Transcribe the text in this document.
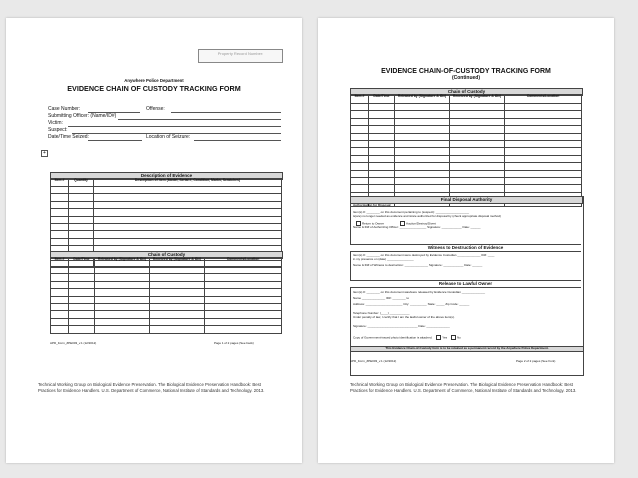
Property Record Number:
Anywhere Police Department
EVIDENCE CHAIN OF CUSTODY TRACKING FORM
Case Number:	Offense:
Submitting Officer: (Name/ID#)
Victim:
Suspect:
Date/Time Seized:	Location of Seizure:
+
Description of Evidence
Item #	Quantity	Description of Item (Model, Serial #, Condition, Marks, Scratches)

Chain of Custody
Item #	Date/Time	Released by (Signature & ID#)	Received by (Signature & ID#)	Comments/Location

APD_Form_#PE003_v.1 (12/2012)	Page 1 of 2 pages (See back)
Technical Working Group on Biological Evidence Preservation. The Biological Evidence Preservation Handbook: Best Practices for Evidence Handlers. U.S. Department of Commerce, National Institute of Standards and Technology. 2013.
EVIDENCE CHAIN-OF-CUSTODY TRACKING FORM
(Continued)
Chain of Custody
Item #	Date/Time	Released by (Signature & ID#)	Received by (Signature & ID#)	Comments/Location

Final Disposal Authority
Authorization for Disposal
Item(s) #: ________ on this document pertaining to (suspect): ____________________
is(are) no longer needed as evidence and is/are authorized for disposal by (check appropriate disposal method)
Return to Owner	Auction/Destroy/Divert
Name & ID# of Authorizing Officer: ________________ Signature: ____________ Date: ______
Witness to Destruction of Evidence
Item(s) #: ________ on this document were destroyed by Evidence Custodian ______________ ID#: ____
in my presence on (date) ________________
Name & ID# of Witness to destruction: ______________ Signature: ____________ Date: ______
Release to Lawful Owner
Item(s) #: ________ on this document was/were released by Evidence Custodian ______________
Name ______________ ID#: ________ to
Address: ______________________ City: __________ State: _____ Zip Code: ______
Telephone Number: (____) ____________
Under penalty of law, I certify that I am the lawful owner of the above item(s).
Signature: ______________________________ Date: ______________
Copy of Government-issued photo identification is attached.	Yes	No
This Evidence Chain-of-Custody form is to be retained as a permanent record by the Anywhere Police Department.
APD_Form_#PE003_v.1 (12/2012)	Page 2 of 2 pages (See front)
Technical Working Group on Biological Evidence Preservation. The Biological Evidence Preservation Handbook: Best Practices for Evidence Handlers. U.S. Department of Commerce, National Institute of Standards and Technology. 2013.
